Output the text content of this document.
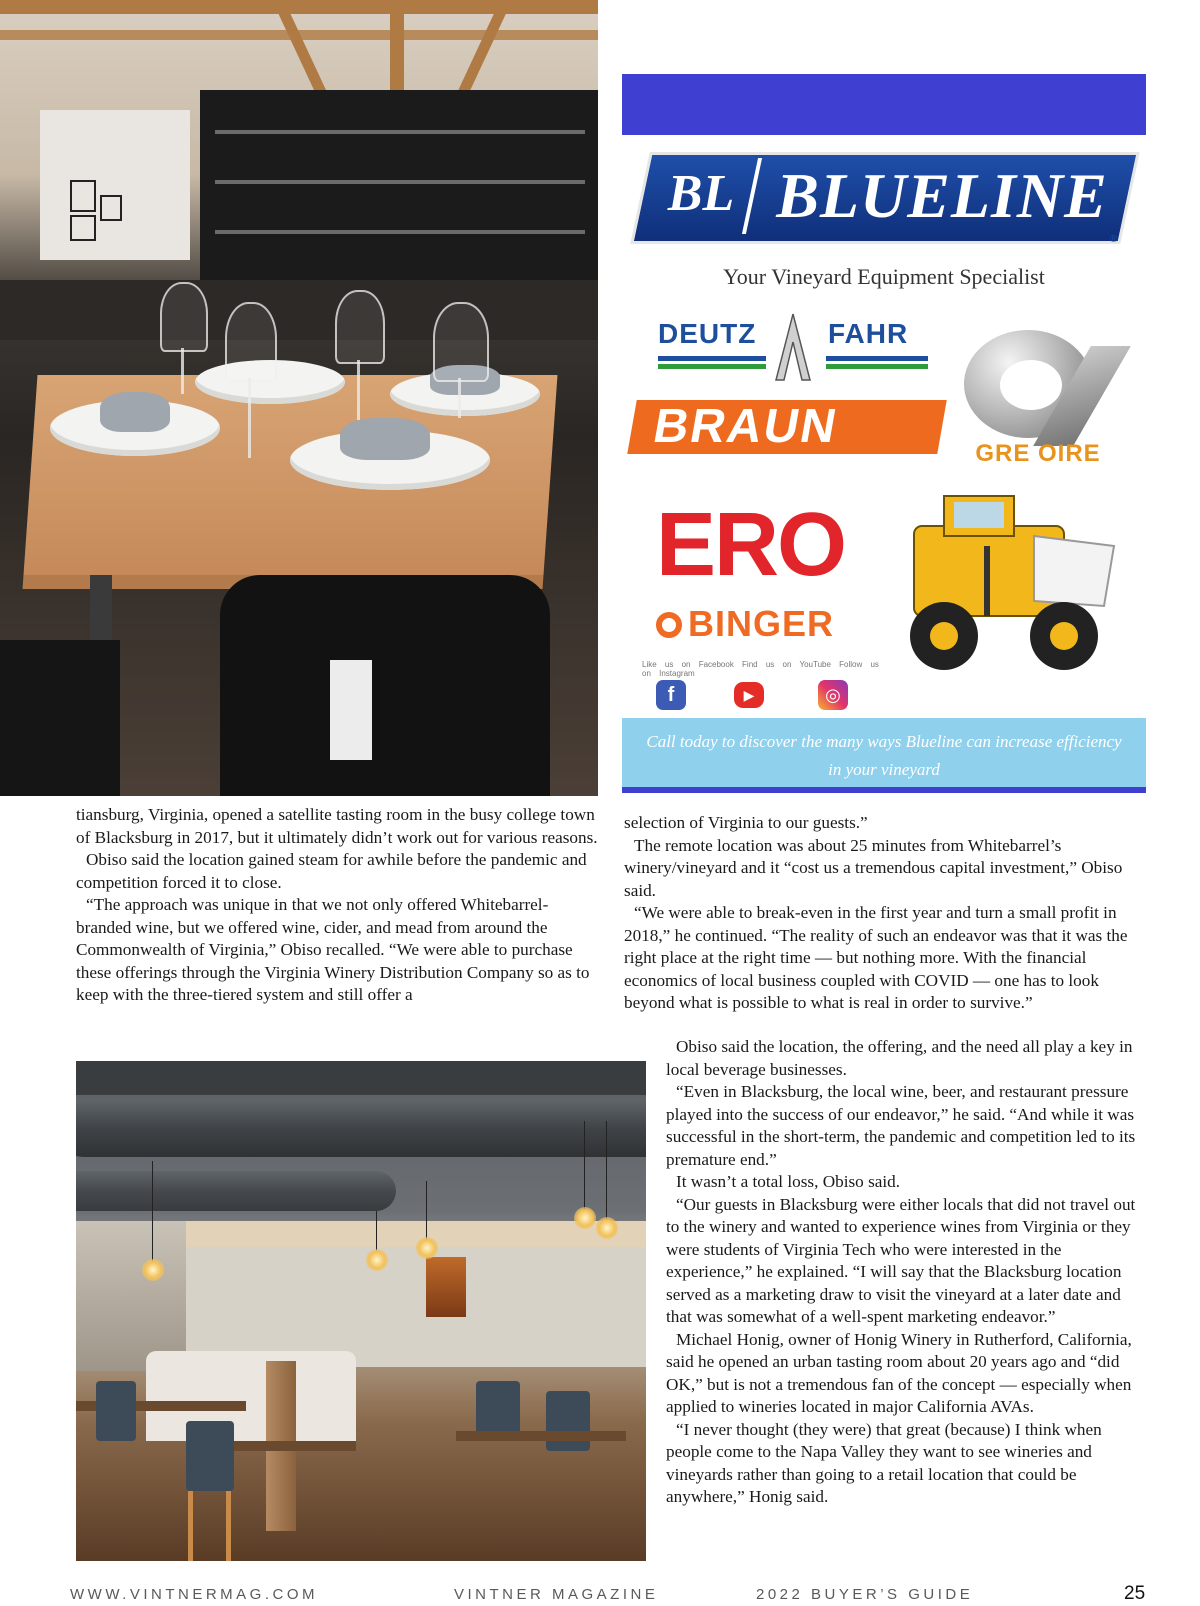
BL BLUELINE
®
Your Vineyard Equipment Specialist
DEUTZ	FAHR
BRAUN
GRE OIRE
ERO
BINGER
Like us on Facebook Find us on YouTube Follow us on Instagram
f	▶	◎
Call today to discover the many ways Blueline can increase efficiency in your vineyard

tiansburg, Virginia, opened a satellite tasting room in the busy college town of Blacksburg in 2017, but it ultimately didn’t work out for various reasons.

Obiso said the location gained steam for awhile before the pandemic and competition forced it to close.

“The approach was unique in that we not only offered Whitebarrel-branded wine, but we offered wine, cider, and mead from around the Commonwealth of Virginia,” Obiso recalled. “We were able to purchase these offerings through the Virginia Winery Distribution Company so as to keep with the three-tiered system and still offer a

selection of Virginia to our guests.”

The remote location was about 25 minutes from Whitebarrel’s winery/vineyard and it “cost us a tremendous capital investment,” Obiso said.

“We were able to break-even in the first year and turn a small profit in 2018,” he continued. “The reality of such an endeavor was that it was the right place at the right time — but nothing more. With the financial economics of local business coupled with COVID — one has to look beyond what is possible to what is real in order to survive.”

Obiso said the location, the offering, and the need all play a key in local beverage businesses.

“Even in Blacksburg, the local wine, beer, and restaurant pressure played into the success of our endeavor,” he said. “And while it was successful in the short-term, the pandemic and competition led to its premature end.”

It wasn’t a total loss, Obiso said.

“Our guests in Blacksburg were either locals that did not travel out to the winery and wanted to experience wines from Virginia or they were students of Virginia Tech who were interested in the experience,” he explained. “I will say that the Blacksburg location served as a marketing draw to visit the vineyard at a later date and that was somewhat of a well-spent marketing endeavor.”

Michael Honig, owner of Honig Winery in Rutherford, California, said he opened an urban tasting room about 20 years ago and “did OK,” but is not a tremendous fan of the concept — especially when applied to wineries located in major California AVAs.

“I never thought (they were) that great (because) I think when people come to the Napa Valley they want to see wineries and vineyards rather than going to a retail location that could be anywhere,” Honig said.

WWW.VINTNERMAG.COM	VINTNER MAGAZINE	2022 BUYER’S GUIDE	25
